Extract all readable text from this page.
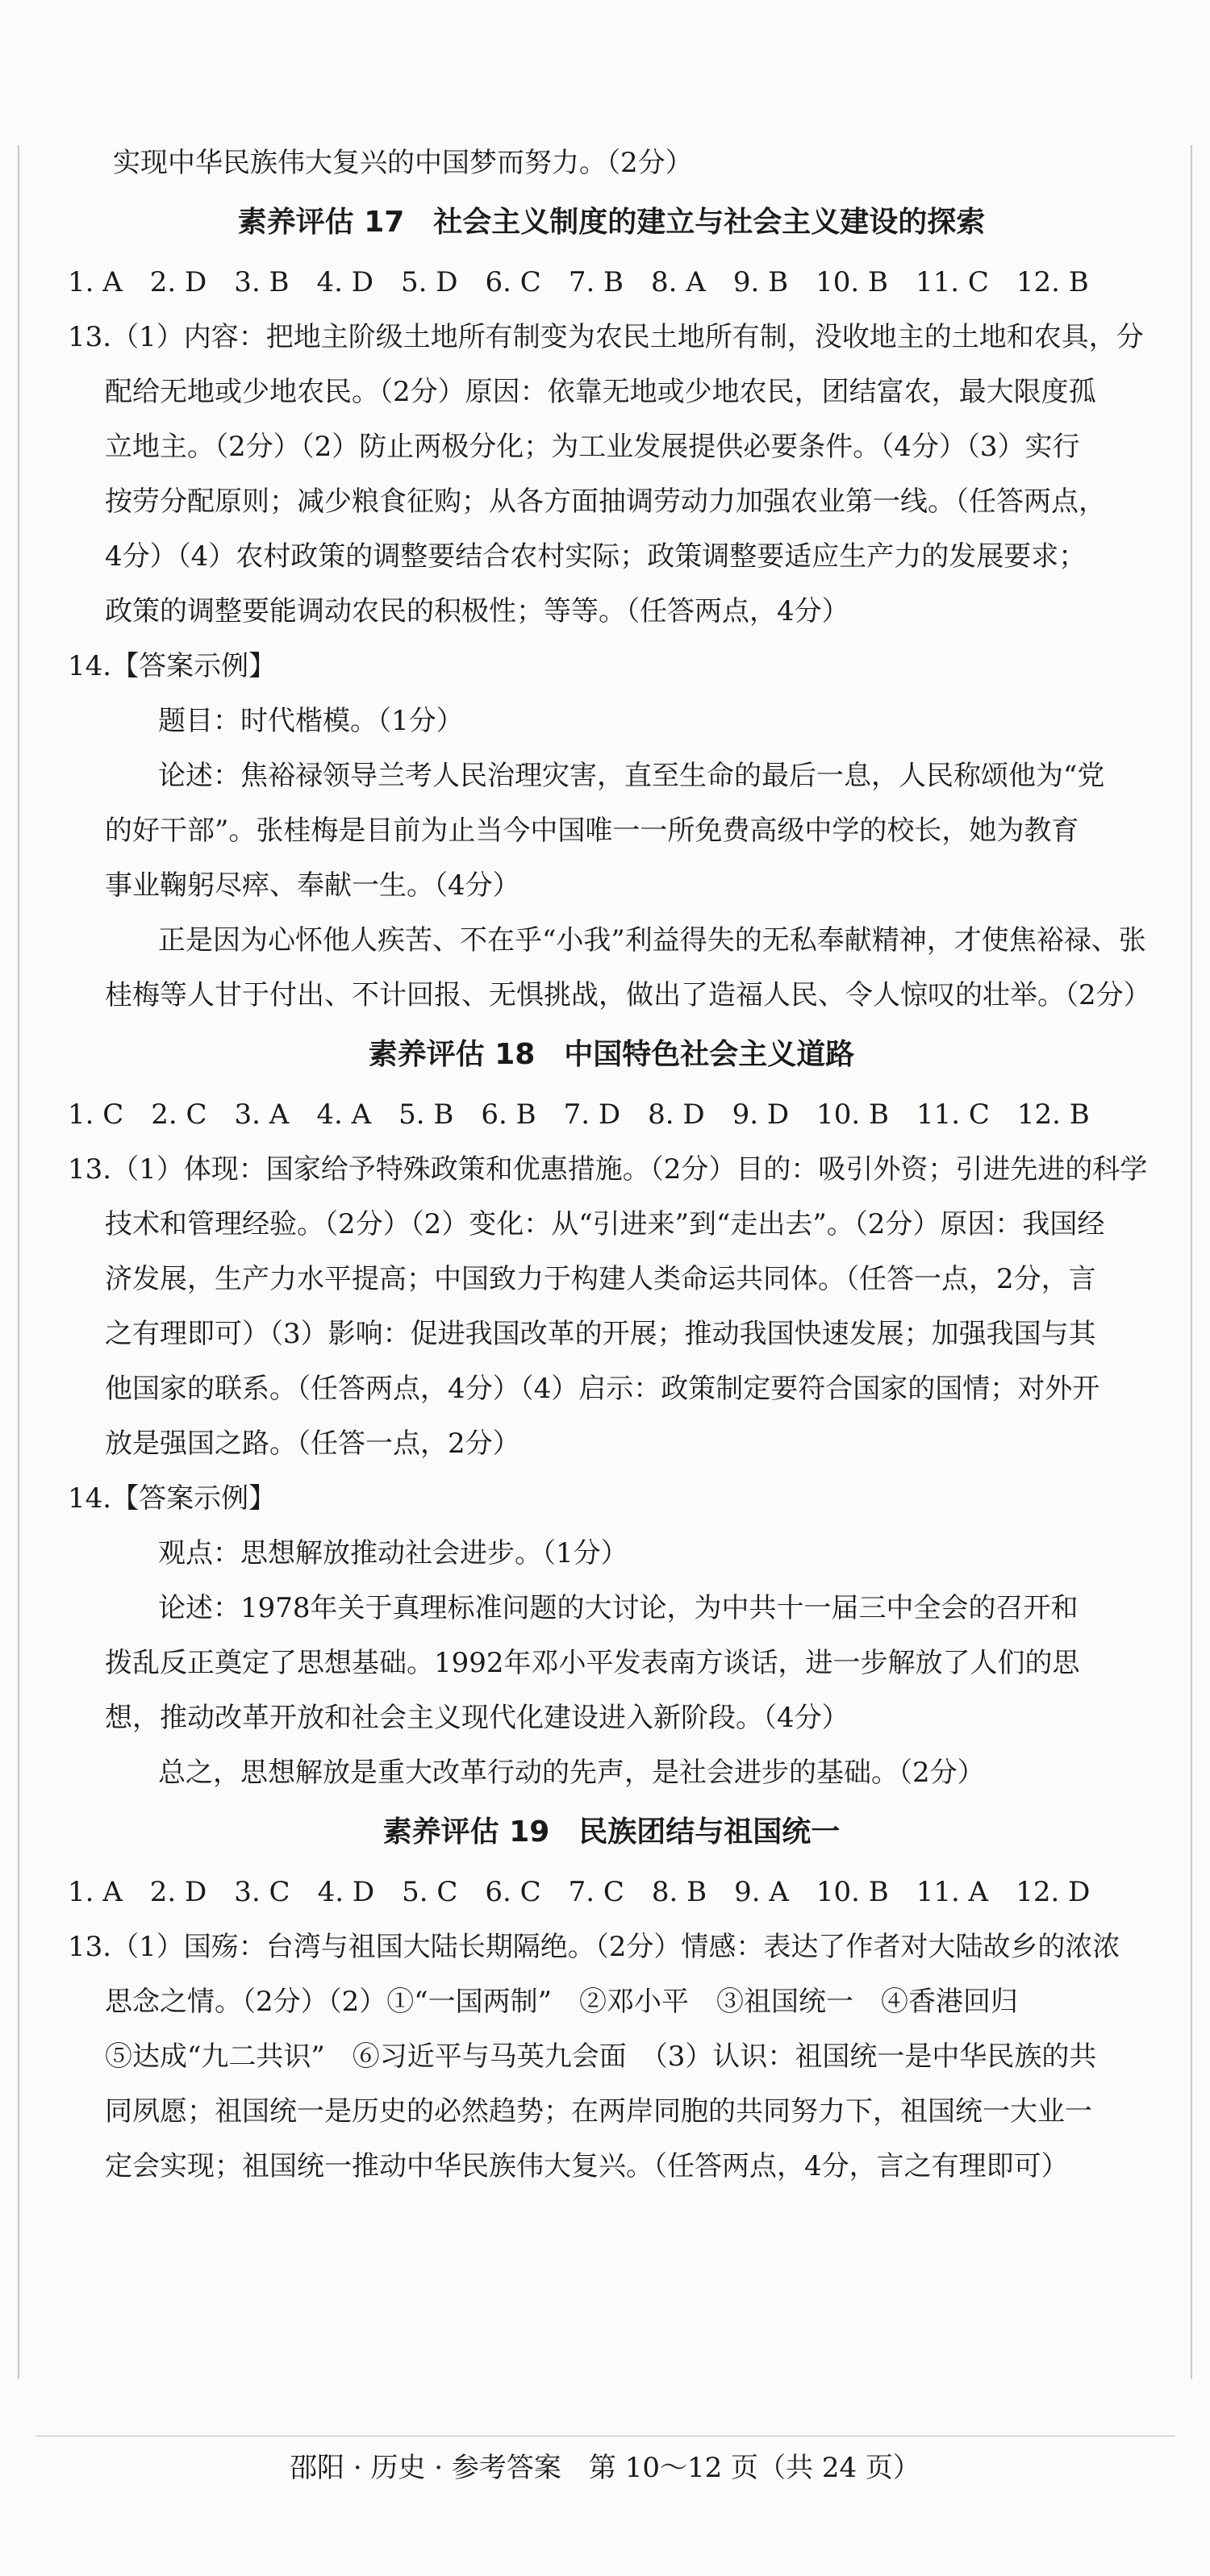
实现中华民族伟大复兴的中国梦而努力。（2分）
素养评估 17　社会主义制度的建立与社会主义建设的探索
1. A　2. D　3. B　4. D　5. D　6. C　7. B　8. A　9. B　10. B　11. C　12. B
13.（1）内容：把地主阶级土地所有制变为农民土地所有制，没收地主的土地和农具，分
配给无地或少地农民。（2分）原因：依靠无地或少地农民，团结富农，最大限度孤
立地主。（2分）（2）防止两极分化；为工业发展提供必要条件。（4分）（3）实行
按劳分配原则；减少粮食征购；从各方面抽调劳动力加强农业第一线。（任答两点，
4分）（4）农村政策的调整要结合农村实际；政策调整要适应生产力的发展要求；
政策的调整要能调动农民的积极性；等等。（任答两点，4分）
14.【答案示例】
题目：时代楷模。（1分）
论述：焦裕禄领导兰考人民治理灾害，直至生命的最后一息，人民称颂他为“党
的好干部”。张桂梅是目前为止当今中国唯一一所免费高级中学的校长，她为教育
事业鞠躬尽瘁、奉献一生。（4分）
正是因为心怀他人疾苦、不在乎“小我”利益得失的无私奉献精神，才使焦裕禄、张
桂梅等人甘于付出、不计回报、无惧挑战，做出了造福人民、令人惊叹的壮举。（2分）
素养评估 18　中国特色社会主义道路
1. C　2. C　3. A　4. A　5. B　6. B　7. D　8. D　9. D　10. B　11. C　12. B
13.（1）体现：国家给予特殊政策和优惠措施。（2分）目的：吸引外资；引进先进的科学
技术和管理经验。（2分）（2）变化：从“引进来”到“走出去”。（2分）原因：我国经
济发展，生产力水平提高；中国致力于构建人类命运共同体。（任答一点，2分，言
之有理即可）（3）影响：促进我国改革的开展；推动我国快速发展；加强我国与其
他国家的联系。（任答两点，4分）（4）启示：政策制定要符合国家的国情；对外开
放是强国之路。（任答一点，2分）
14.【答案示例】
观点：思想解放推动社会进步。（1分）
论述：1978年关于真理标准问题的大讨论，为中共十一届三中全会的召开和
拨乱反正奠定了思想基础。1992年邓小平发表南方谈话，进一步解放了人们的思
想，推动改革开放和社会主义现代化建设进入新阶段。（4分）
总之，思想解放是重大改革行动的先声，是社会进步的基础。（2分）
素养评估 19　民族团结与祖国统一
1. A　2. D　3. C　4. D　5. C　6. C　7. C　8. B　9. A　10. B　11. A　12. D
13.（1）国殇：台湾与祖国大陆长期隔绝。（2分）情感：表达了作者对大陆故乡的浓浓
思念之情。（2分）（2）①“一国两制”　②邓小平　③祖国统一　④香港回归
⑤达成“九二共识”　⑥习近平与马英九会面　（3）认识：祖国统一是中华民族的共
同夙愿；祖国统一是历史的必然趋势；在两岸同胞的共同努力下，祖国统一大业一
定会实现；祖国统一推动中华民族伟大复兴。（任答两点，4分，言之有理即可）
邵阳 · 历史 · 参考答案　第 10～12 页（共 24 页）
